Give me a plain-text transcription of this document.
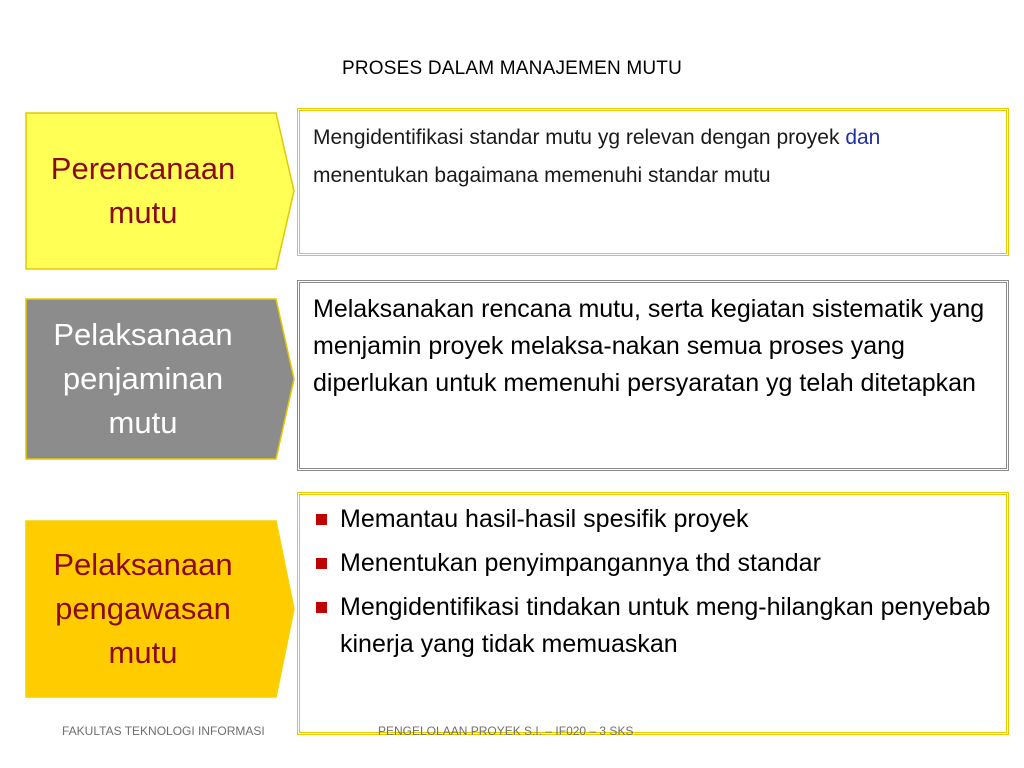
PROSES DALAM MANAJEMEN MUTU
Perencanaan
mutu
Mengidentifikasi standar mutu yg relevan dengan proyek dan menentukan bagaimana memenuhi standar mutu
Pelaksanaan
penjaminan
mutu
Melaksanakan rencana mutu, serta kegiatan sistematik yang menjamin proyek melaksa-nakan semua proses yang diperlukan untuk memenuhi persyaratan yg telah ditetapkan
Pelaksanaan
pengawasan
mutu
Memantau hasil-hasil spesifik proyek
Menentukan penyimpangannya thd standar
Mengidentifikasi tindakan untuk meng-hilangkan penyebab kinerja yang tidak memuaskan
FAKULTAS TEKNOLOGI INFORMASI	PENGELOLAAN PROYEK S.I. – IF020 – 3 SKS
